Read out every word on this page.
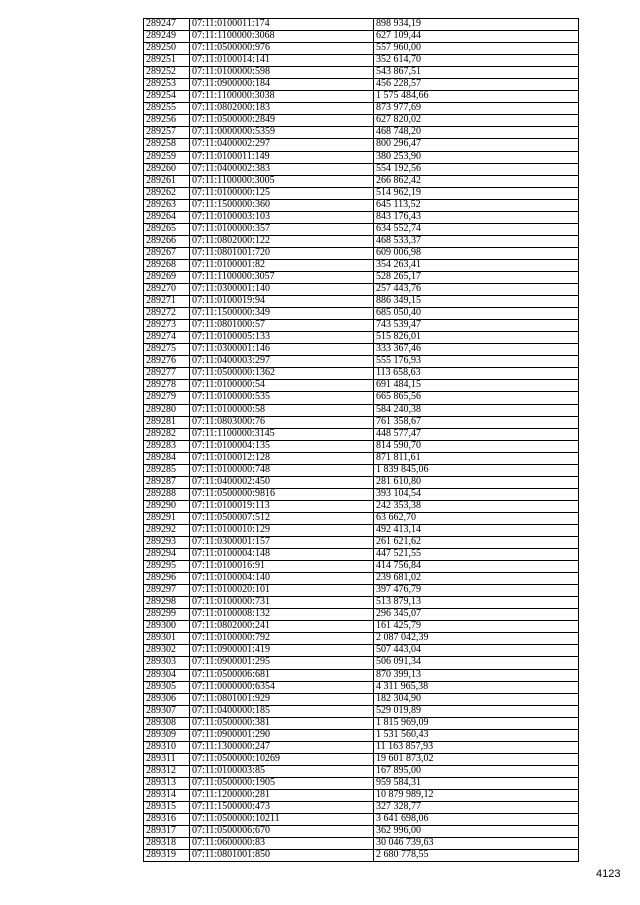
289247	07:11:0100011:174	898 934,19
289249	07:11:1100000:3068	627 109,44
289250	07:11:0500000:976	557 960,00
289251	07:11:0100014:141	352 614,70
289252	07:11:0100000:598	543 867,51
289253	07:11:0900000:184	456 228,57
289254	07:11:1100000:3038	1 575 484,66
289255	07:11:0802000:183	873 977,69
289256	07:11:0500000:2849	627 820,02
289257	07:11:0000000:5359	468 748,20
289258	07:11:0400002:297	800 296,47
289259	07:11:0100011:149	380 253,90
289260	07:11:0400002:383	554 192,56
289261	07:11:1100000:3005	266 862,42
289262	07:11:0100000:125	514 962,19
289263	07:11:1500000:360	645 113,52
289264	07:11:0100003:103	843 176,43
289265	07:11:0100000:357	634 552,74
289266	07:11:0802000:122	468 533,37
289267	07:11:0801001:720	609 006,98
289268	07:11:0100001:82	354 263,41
289269	07:11:1100000:3057	528 265,17
289270	07:11:0300001:140	257 443,76
289271	07:11:0100019:94	886 349,15
289272	07:11:1500000:349	685 050,40
289273	07:11:0801000:57	743 539,47
289274	07:11:0100005:133	515 826,01
289275	07:11:0300001:146	333 367,46
289276	07:11:0400003:297	555 176,93
289277	07:11:0500000:1362	113 658,63
289278	07:11:0100000:54	691 484,15
289279	07:11:0100000:535	665 865,56
289280	07:11:0100000:58	584 240,38
289281	07:11:0803000:76	761 358,67
289282	07:11:1100000:3145	448 577,47
289283	07:11:0100004:135	814 590,70
289284	07:11:0100012:128	871 811,61
289285	07:11:0100000:748	1 839 845,06
289287	07:11:0400002:450	281 610,80
289288	07:11:0500000:9816	393 104,54
289290	07:11:0100019:113	242 353,38
289291	07:11:0500007:512	63 662,70
289292	07:11:0100010:129	492 413,14
289293	07:11:0300001:157	261 621,62
289294	07:11:0100004:148	447 521,55
289295	07:11:0100016:91	414 756,84
289296	07:11:0100004:140	239 681,02
289297	07:11:0100020:101	397 476,79
289298	07:11:0100000:731	513 879,13
289299	07:11:0100008:132	296 345,07
289300	07:11:0802000:241	161 425,79
289301	07:11:0100000:792	2 087 042,39
289302	07:11:0900001:419	507 443,04
289303	07:11:0900001:295	506 091,34
289304	07:11:0500006:681	870 399,13
289305	07:11:0000000:6354	4 311 965,38
289306	07:11:0801001:929	182 304,90
289307	07:11:0400000:185	529 019,89
289308	07:11:0500000:381	1 815 969,09
289309	07:11:0900001:290	1 531 560,43
289310	07:11:1300000:247	11 163 857,93
289311	07:11:0500000:10269	19 601 873,02
289312	07:11:0100003:85	167 895,00
289313	07:11:0500000:1905	959 584,31
289314	07:11:1200000:281	10 879 989,12
289315	07:11:1500000:473	327 328,77
289316	07:11:0500000:10211	3 641 698,06
289317	07:11:0500006:670	362 996,00
289318	07:11:0600000:83	30 046 739,63
289319	07:11:0801001:850	2 680 778,55
4123
